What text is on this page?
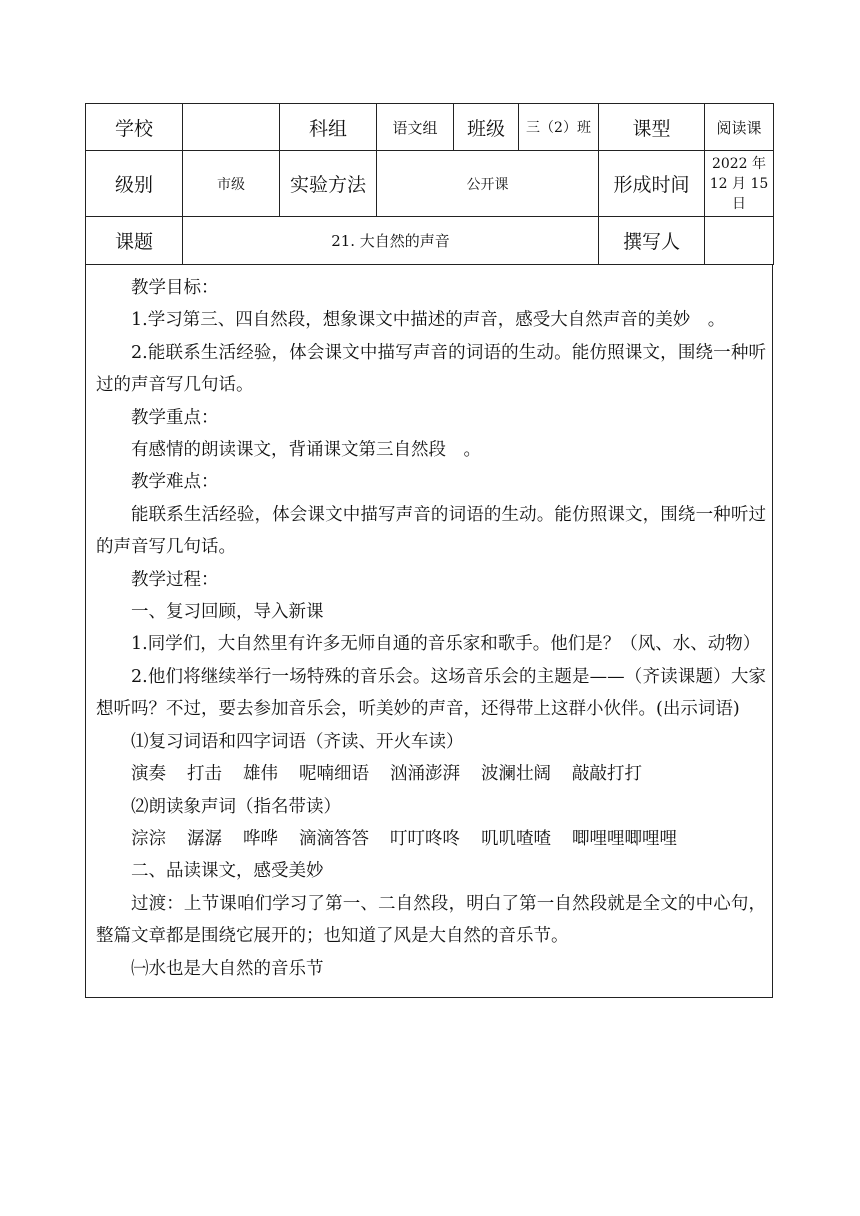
学校		科组	语文组	班级	三（2）班	课型	阅读课
级别	市级	实验方法	公开课			形成时间	2022 年
12 月 15
日

课题	21. 大自然的声音					撰写人	

教学目标：

1.学习第三、四自然段，想象课文中描述的声音，感受大自然声音的美妙　。

2.能联系生活经验，体会课文中描写声音的词语的生动。能仿照课文，围绕一种听过的声音写几句话。

教学重点：

有感情的朗读课文，背诵课文第三自然段　。

教学难点：

能联系生活经验，体会课文中描写声音的词语的生动。能仿照课文，围绕一种听过的声音写几句话。

教学过程：

一、复习回顾，导入新课

1.同学们，大自然里有许多无师自通的音乐家和歌手。他们是？（风、水、动物）

2.他们将继续举行一场特殊的音乐会。这场音乐会的主题是——（齐读课题）大家想听吗？不过，要去参加音乐会，听美妙的声音，还得带上这群小伙伴。(出示词语)

⑴复习词语和四字词语（齐读、开火车读）

演奏 打击 雄伟 呢喃细语 汹涌澎湃 波澜壮阔 敲敲打打

⑵朗读象声词（指名带读）

淙淙 潺潺 哗哗 滴滴答答 叮叮咚咚 叽叽喳喳 唧哩哩唧哩哩

二、品读课文，感受美妙

过渡：上节课咱们学习了第一、二自然段，明白了第一自然段就是全文的中心句，整篇文章都是围绕它展开的；也知道了风是大自然的音乐节。

㈠水也是大自然的音乐节
